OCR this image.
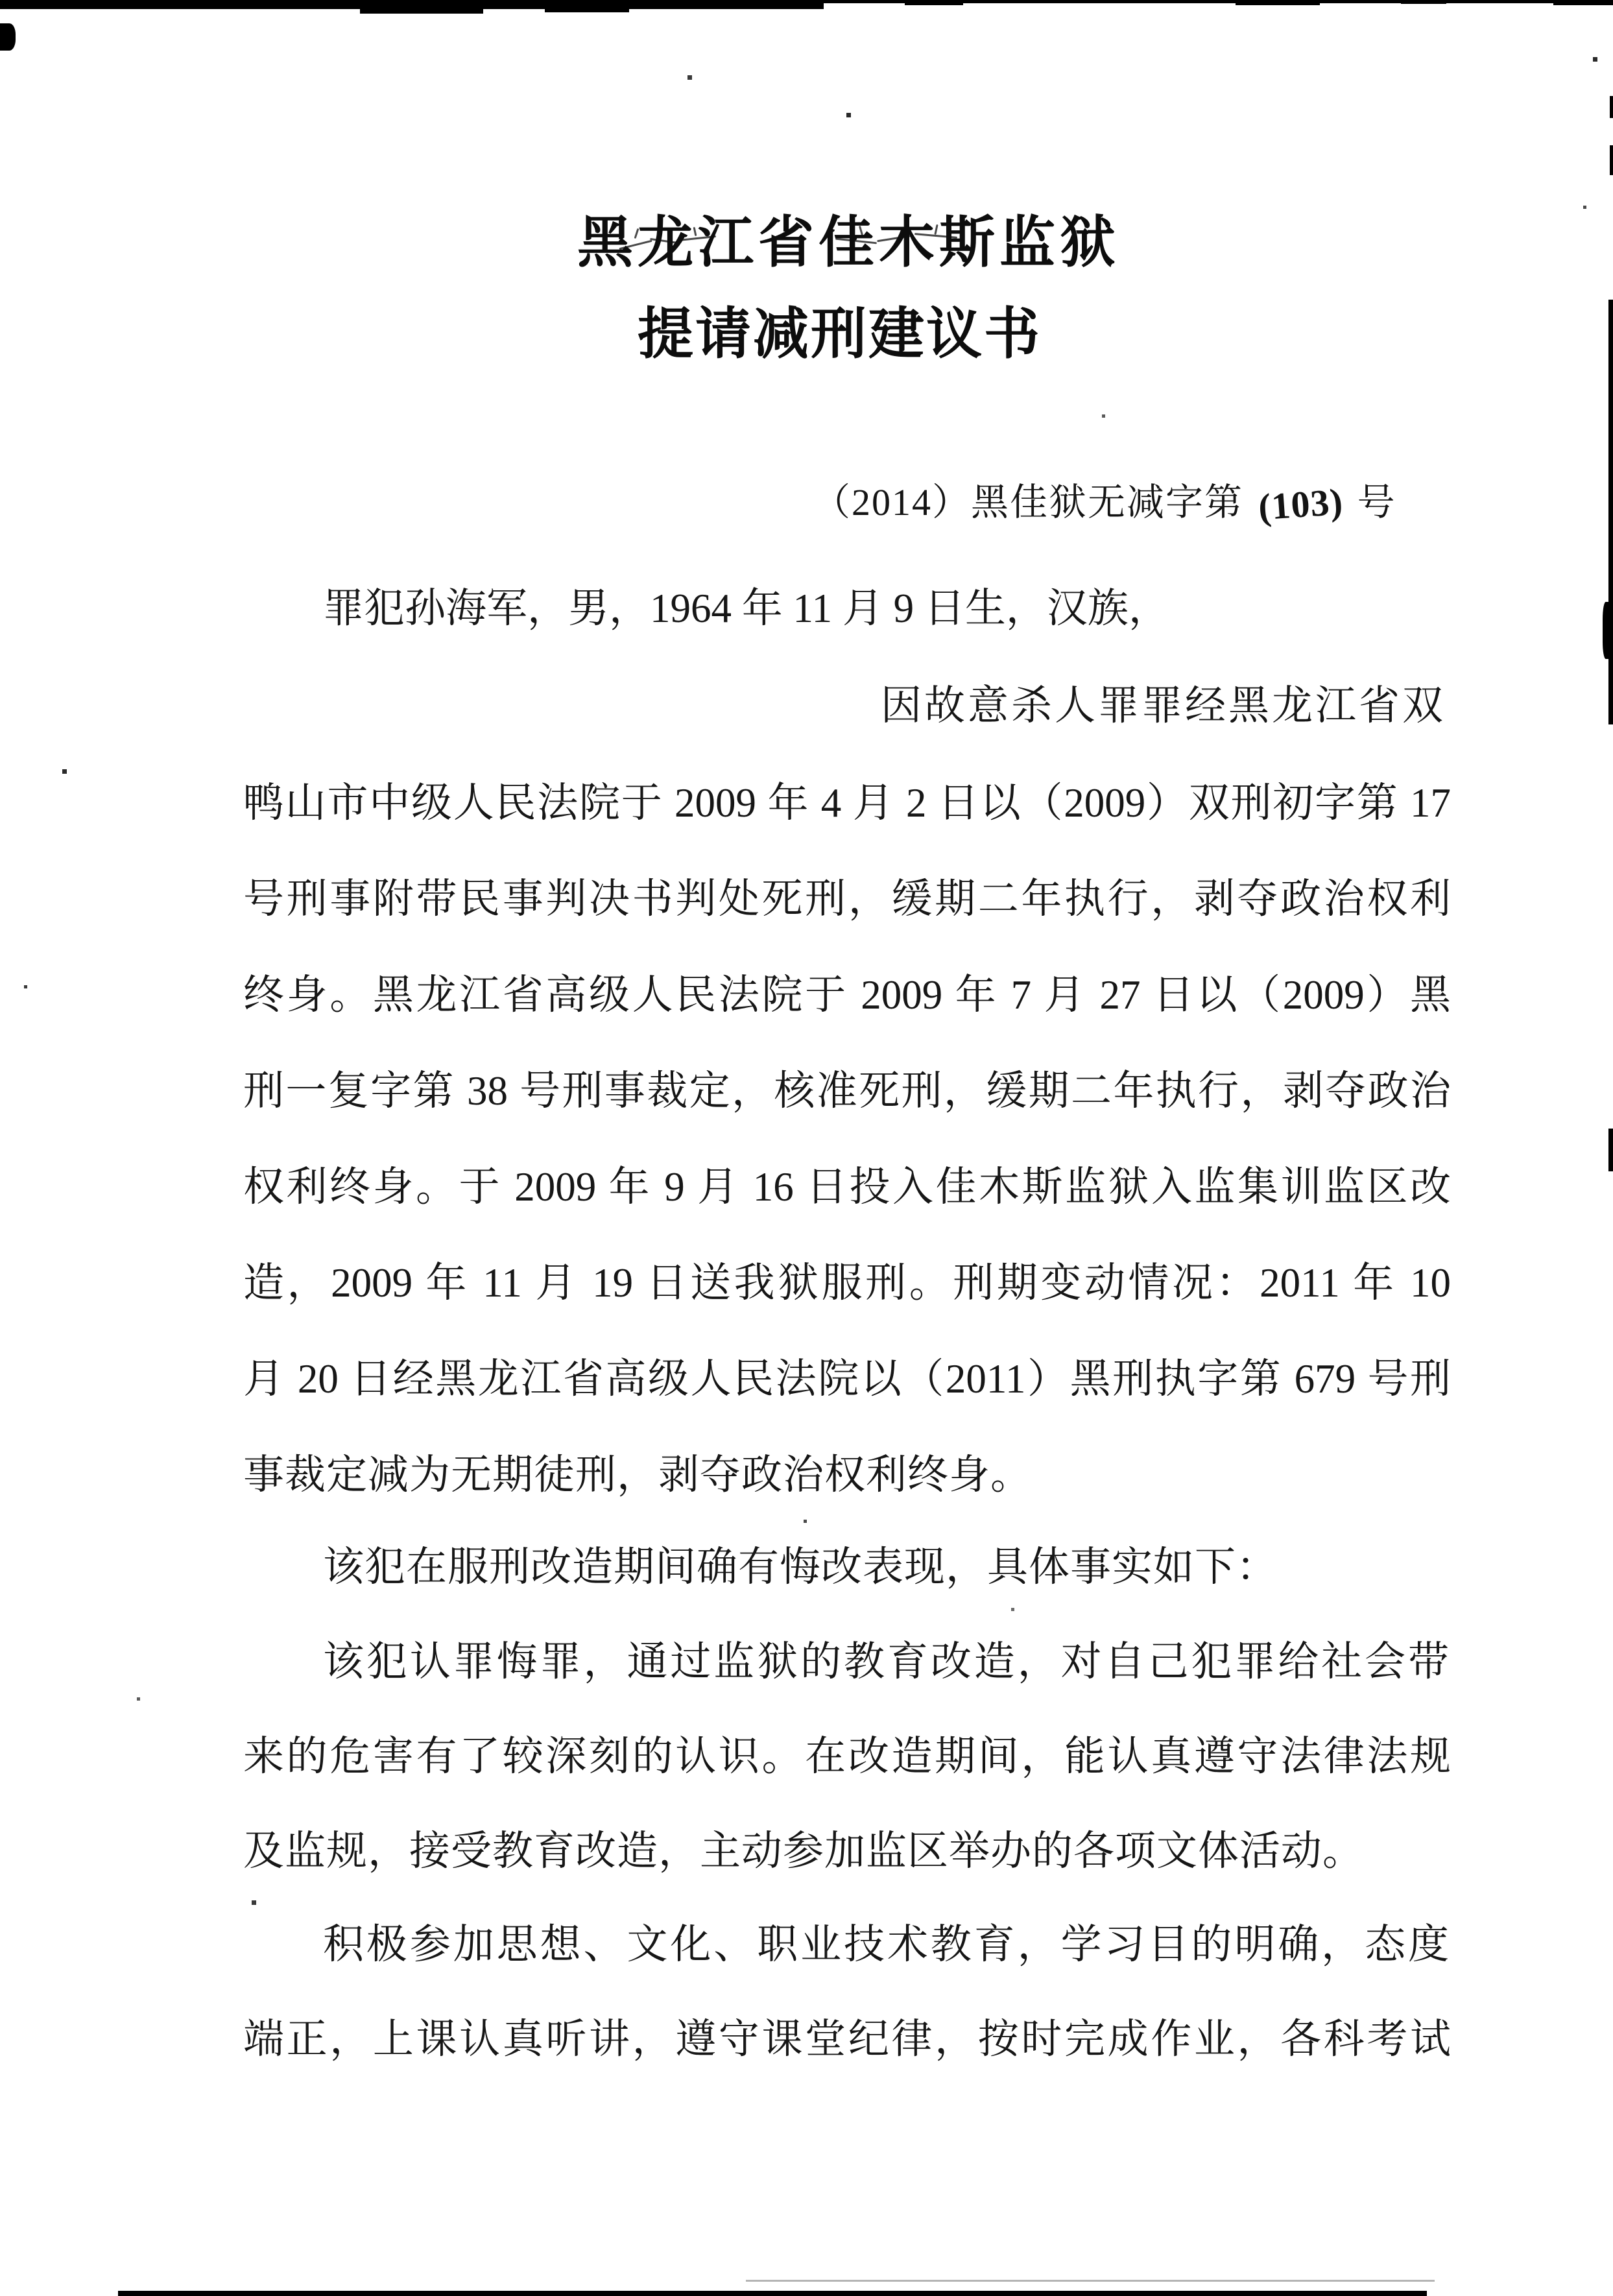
黑龙江省佳木斯监狱
提请减刑建议书
（2014）黑佳狱无减字第 (103) 号
罪犯孙海军，男，1964 年 11 月 9 日生，汉族，
因故意杀人罪罪经黑龙江省双
鸭山市中级人民法院于 2009 年 4 月 2 日以（2009）双刑初字第 17
号刑事附带民事判决书判处死刑，缓期二年执行，剥夺政治权利
终身。黑龙江省高级人民法院于 2009 年 7 月 27 日以（2009）黑
刑一复字第 38 号刑事裁定，核准死刑，缓期二年执行，剥夺政治
权利终身。于 2009 年 9 月 16 日投入佳木斯监狱入监集训监区改
造，2009 年 11 月 19 日送我狱服刑。刑期变动情况：2011 年 10
月 20 日经黑龙江省高级人民法院以（2011）黑刑执字第 679 号刑
事裁定减为无期徒刑，剥夺政治权利终身。
该犯在服刑改造期间确有悔改表现，具体事实如下：
该犯认罪悔罪，通过监狱的教育改造，对自己犯罪给社会带
来的危害有了较深刻的认识。在改造期间，能认真遵守法律法规
及监规，接受教育改造，主动参加监区举办的各项文体活动。
积极参加思想、文化、职业技术教育，学习目的明确，态度
端正，上课认真听讲，遵守课堂纪律，按时完成作业，各科考试
